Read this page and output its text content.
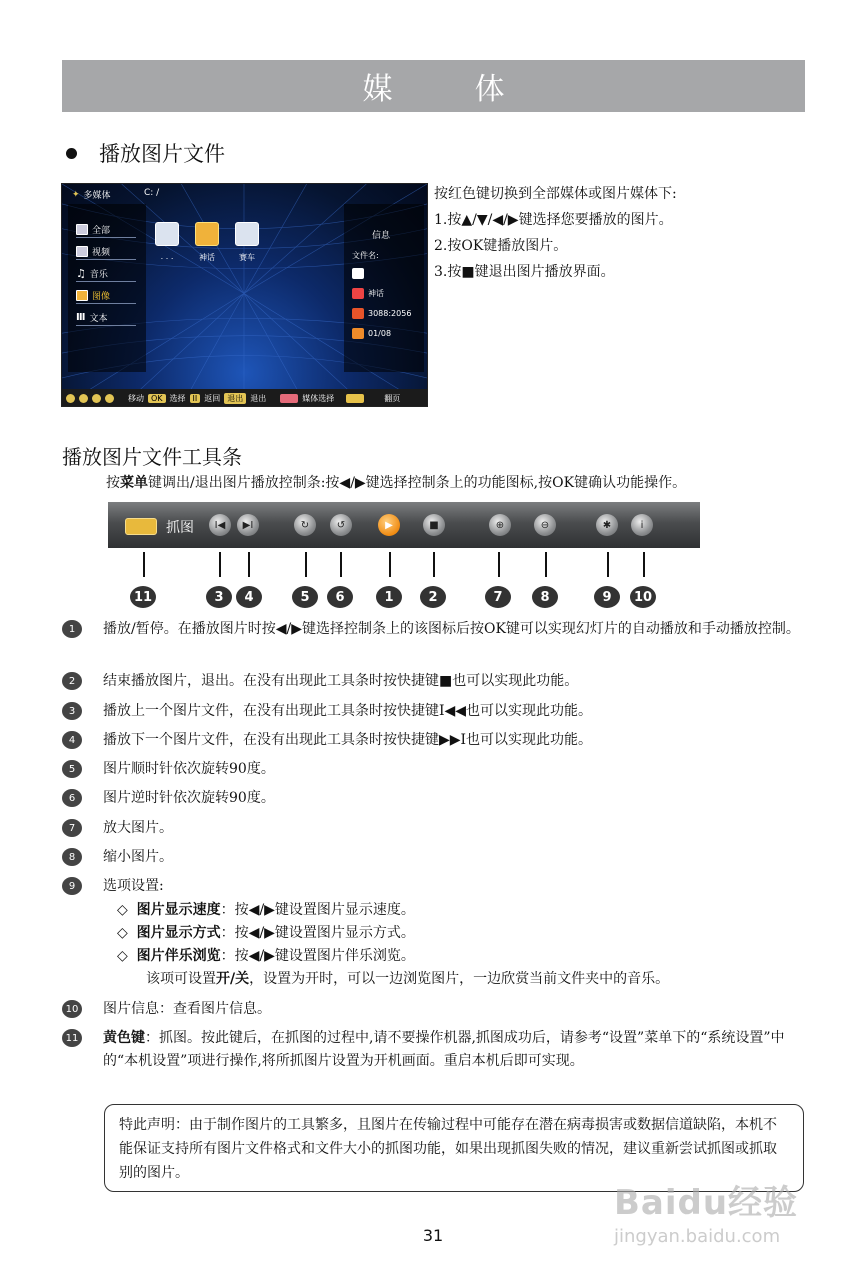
媒　体
播放图片文件
✦ 多媒体	C: /
全部
视频
♫ 音乐
图像
Ⅲ 文本
. . .	神话	赛车
信息
文件名:
神话
3088:2056
01/08
移动 OK 选择 II 返回 退出 退出	媒体选择	翻页
按红色键切换到全部媒体或图片媒体下:
1.按▲/▼/◀/▶键选择您要播放的图片。
2.按OK键播放图片。
3.按■键退出图片播放界面。
播放图片文件工具条
按菜单键调出/退出图片播放控制条:按◀/▶键选择控制条上的功能图标,按OK键确认功能操作。
抓图	I◀	▶I	↻	↺	▶	■	⊕	⊖	✱	i
11	3	4	5	6	1	2	7	8	9	10
1	播放/暂停。在播放图片时按◀/▶键选择控制条上的该图标后按OK键可以实现幻灯片的自动播放和手动播放控制。
2	结束播放图片，退出。在没有出现此工具条时按快捷键■也可以实现此功能。
3	播放上一个图片文件，在没有出现此工具条时按快捷键I◀◀也可以实现此功能。
4	播放下一个图片文件，在没有出现此工具条时按快捷键▶▶I也可以实现此功能。
5	图片顺时针依次旋转90度。
6	图片逆时针依次旋转90度。
7	放大图片。
8	缩小图片。
9	选项设置:
◇  图片显示速度：按◀/▶键设置图片显示速度。
◇  图片显示方式：按◀/▶键设置图片显示方式。
◇  图片伴乐浏览：按◀/▶键设置图片伴乐浏览。
该项可设置开/关，设置为开时，可以一边浏览图片，一边欣赏当前文件夹中的音乐。
10 图片信息：查看图片信息。
11 黄色键：抓图。按此键后，在抓图的过程中,请不要操作机器,抓图成功后，请参考“设置”菜单下的“系统设置”中的“本机设置”项进行操作,将所抓图片设置为开机画面。重启本机后即可实现。
特此声明：由于制作图片的工具繁多，且图片在传输过程中可能存在潜在病毒损害或数据信道缺陷，本机不能保证支持所有图片文件格式和文件大小的抓图功能，如果出现抓图失败的情况，建议重新尝试抓图或抓取别的图片。
31
Baidu经验
jingyan.baidu.com
